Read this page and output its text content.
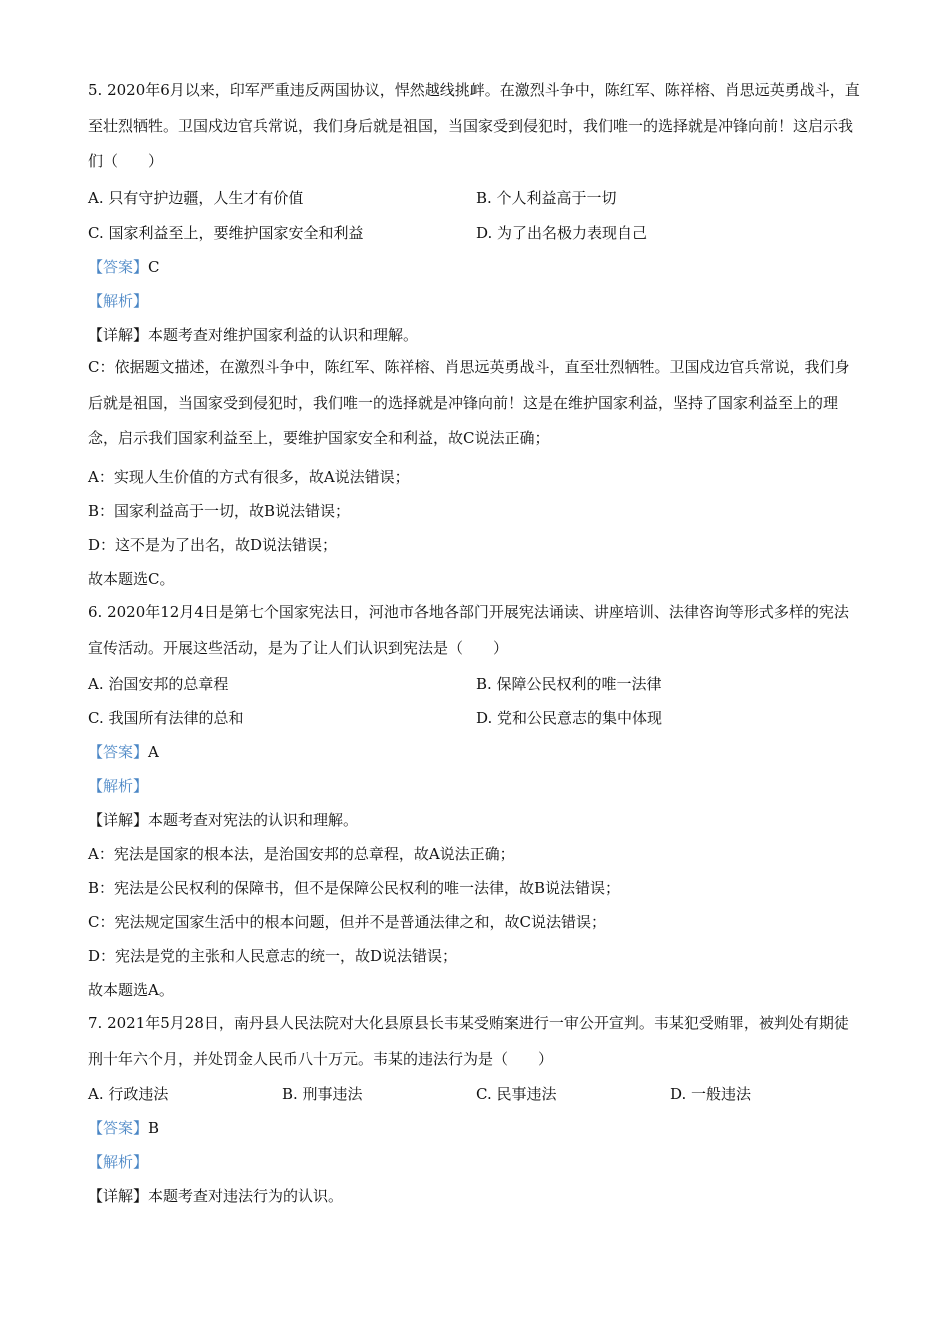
5. 2020年6月以来，印军严重违反两国协议，悍然越线挑衅。在激烈斗争中，陈红军、陈祥榕、肖思远英勇战斗，直至壮烈牺牲。卫国戍边官兵常说，我们身后就是祖国，当国家受到侵犯时，我们唯一的选择就是冲锋向前！这启示我们（　　）

A. 只有守护边疆，人生才有价值	B. 个人利益高于一切
C. 国家利益至上，要维护国家安全和利益	D. 为了出名极力表现自己
【答案】C
【解析】
【详解】本题考查对维护国家利益的认识和理解。

C：依据题文描述，在激烈斗争中，陈红军、陈祥榕、肖思远英勇战斗，直至壮烈牺牲。卫国戍边官兵常说，我们身后就是祖国，当国家受到侵犯时，我们唯一的选择就是冲锋向前！这是在维护国家利益，坚持了国家利益至上的理念，启示我们国家利益至上，要维护国家安全和利益，故C说法正确；

A：实现人生价值的方式有很多，故A说法错误；
B：国家利益高于一切，故B说法错误；
D：这不是为了出名，故D说法错误；
故本题选C。

6. 2020年12月4日是第七个国家宪法日，河池市各地各部门开展宪法诵读、讲座培训、法律咨询等形式多样的宪法宣传活动。开展这些活动，是为了让人们认识到宪法是（　　）

A. 治国安邦的总章程	B. 保障公民权利的唯一法律
C. 我国所有法律的总和	D. 党和公民意志的集中体现
【答案】A
【解析】
【详解】本题考查对宪法的认识和理解。
A：宪法是国家的根本法，是治国安邦的总章程，故A说法正确；
B：宪法是公民权利的保障书，但不是保障公民权利的唯一法律，故B说法错误；
C：宪法规定国家生活中的根本问题，但并不是普通法律之和，故C说法错误；
D：宪法是党的主张和人民意志的统一，故D说法错误；
故本题选A。

7. 2021年5月28日，南丹县人民法院对大化县原县长韦某受贿案进行一审公开宣判。韦某犯受贿罪，被判处有期徒刑十年六个月，并处罚金人民币八十万元。韦某的违法行为是（　　）

A. 行政违法	B. 刑事违法	C. 民事违法	D. 一般违法
【答案】B
【解析】
【详解】本题考查对违法行为的认识。
